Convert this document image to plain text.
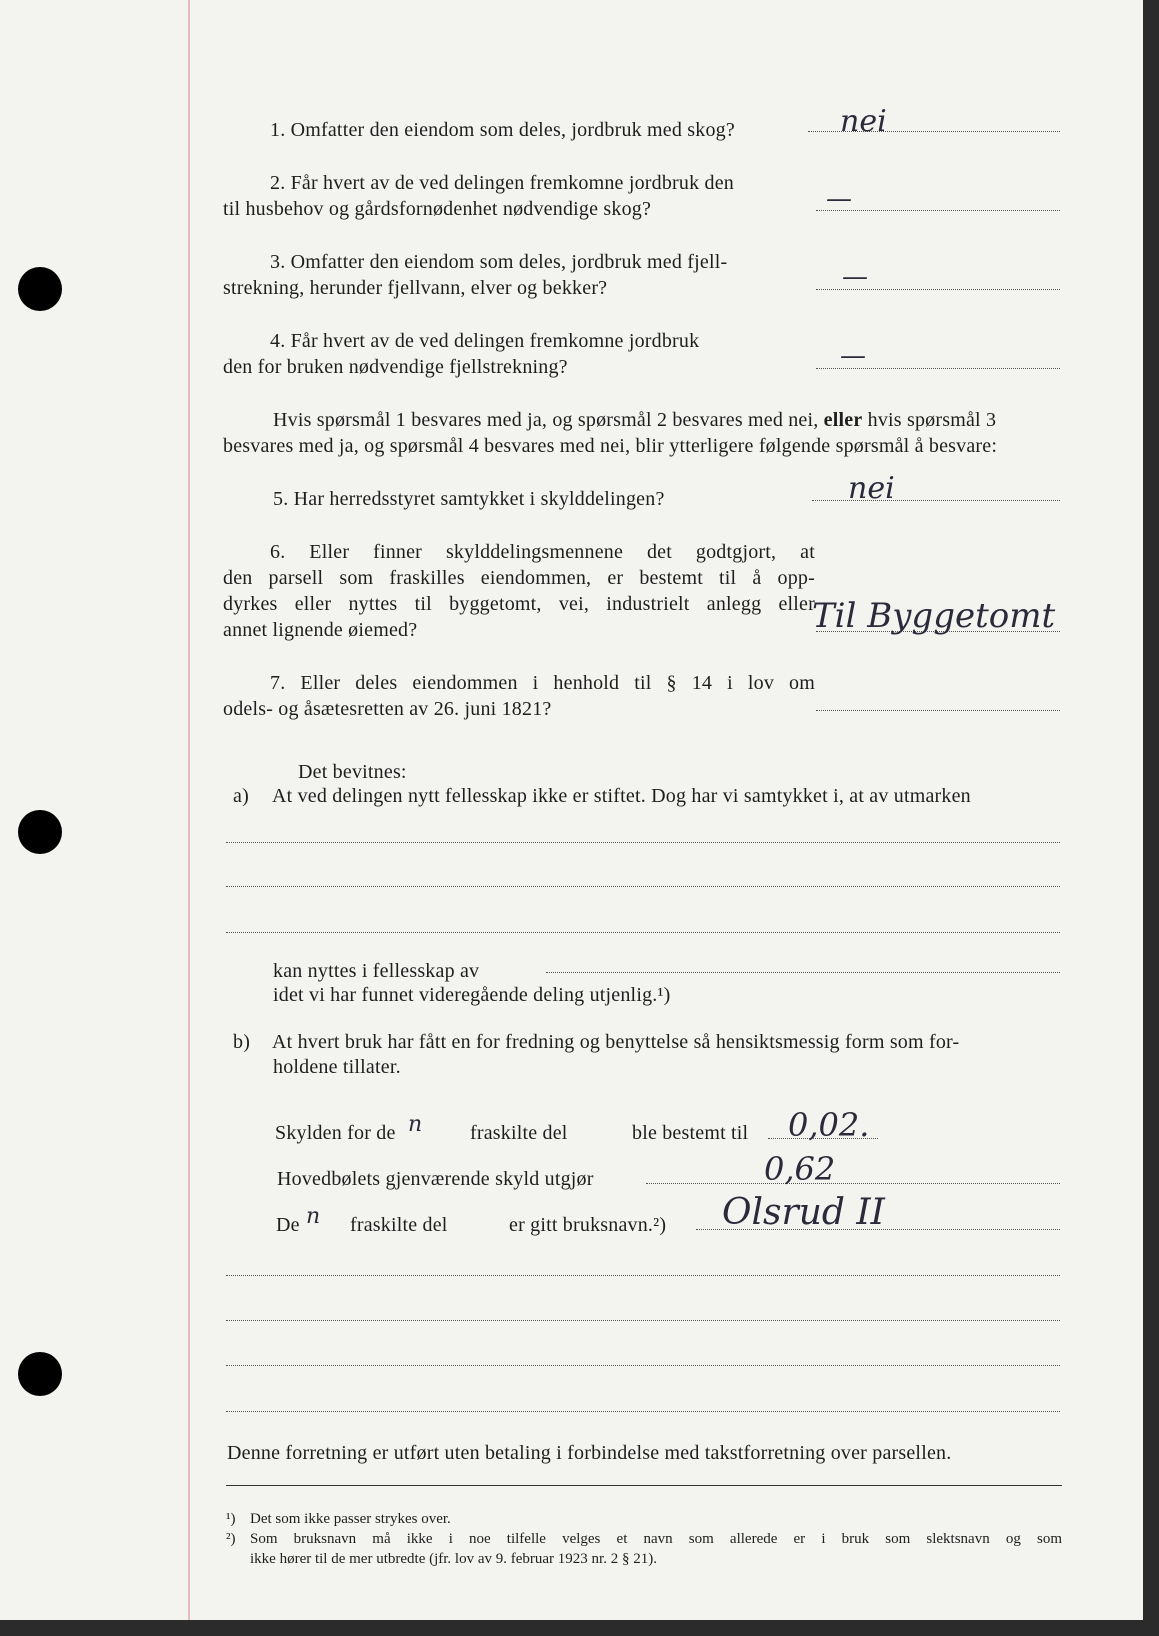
1. Omfatter den eiendom som deles, jordbruk med skog?	nei
2. Får hvert av de ved delingen fremkomne jordbruk den
til husbehov og gårdsfornødenhet nødvendige skog?	—
3. Omfatter den eiendom som deles, jordbruk med fjell-
strekning, herunder fjellvann, elver og bekker?	—
4. Får hvert av de ved delingen fremkomne jordbruk
den for bruken nødvendige fjellstrekning?	—
Hvis spørsmål 1 besvares med ja, og spørsmål 2 besvares med nei, eller hvis spørsmål 3
besvares med ja, og spørsmål 4 besvares med nei, blir ytterligere følgende spørsmål å besvare:
5. Har herredsstyret samtykket i skylddelingen?	nei
6. Eller finner skylddelingsmennene det godtgjort, at
den parsell som fraskilles eiendommen, er bestemt til å opp-
dyrkes eller nyttes til byggetomt, vei, industrielt anlegg eller
annet lignende øiemed?	Til Byggetomt
7. Eller deles eiendommen i henhold til § 14 i lov om
odels- og åsætesretten av 26. juni 1821?
Det bevitnes:
a) At ved delingen nytt fellesskap ikke er stiftet. Dog har vi samtykket i, at av utmarken
kan nyttes i fellesskap av
idet vi har funnet videregående deling utjenlig.¹)
b) At hvert bruk har fått en for fredning og benyttelse så hensiktsmessig form som for-
holdene tillater.
Skylden for de n fraskilte del	ble bestemt til 0,02.
Hovedbølets gjenværende skyld utgjør	0,62
De n fraskilte del	er gitt bruksnavn.²) Olsrud II
Denne forretning er utført uten betaling i forbindelse med takstforretning over parsellen.
¹) Det som ikke passer strykes over.
²) Som bruksnavn må ikke i noe tilfelle velges et navn som allerede er i bruk som slektsnavn og som
ikke hører til de mer utbredte (jfr. lov av 9. februar 1923 nr. 2 § 21).
